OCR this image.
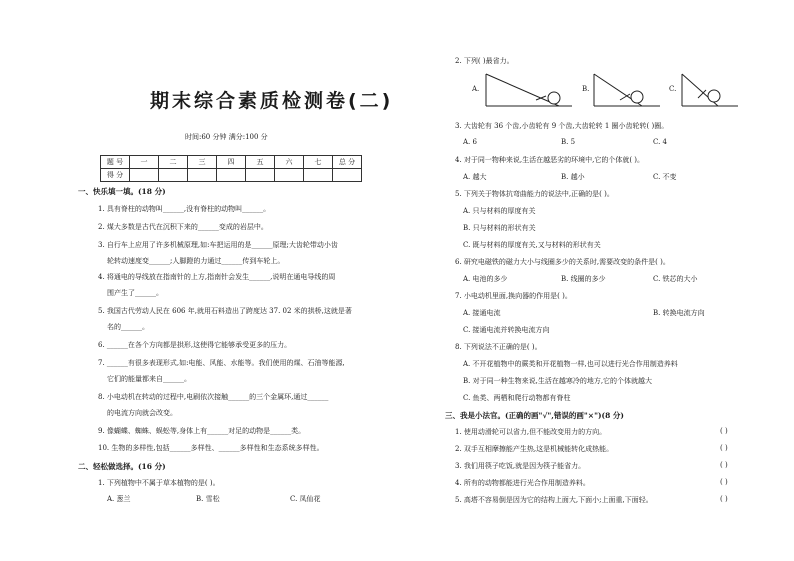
期末综合素质检测卷(二)
时间:60 分钟 满分:100 分
题 号	一	二	三	四	五	六	七	总 分
得 分								
一、快乐填一填。(18 分)
1. 具有脊柱的动物叫______,没有脊柱的动物叫______。
2. 煤大多数是古代在沉积下来的______变成的岩层中。
3. 自行车上应用了许多机械原理,如:车把运用的是______原理;大齿轮带动小齿
轮转动速度变______;人脚蹬的力通过______传到车轮上。
4. 将通电的导线放在指南针的上方,指南针会发生______,说明在通电导线的周
围产生了______。
5. 我国古代劳动人民在 606 年,就用石料造出了跨度达 37. 02 米的拱桥,这就是著
名的______。
6. ______在各个方向都是拱形,这使得它能够承受更多的压力。
7. ______有很多表现形式,如:电能、风能、水能等。我们使用的煤、石油等能源,
它们的能量都来自______。
8. 小电动机在转动的过程中,电刷依次接触______的三个金属环,通过______
的电流方向就会改变。
9. 像蝴蝶、蜘蛛、蜈蚣等,身体上有______对足的动物是______类。
10. 生物的多样性,包括______多样性、______多样性和生态系统多样性。
二、轻松做选择。(16 分)
1. 下列植物中不属于草本植物的是( )。
A. 葱兰	B. 雪松	C. 凤仙花
2. 下列( )最省力。
A.	B.	C.
3. 大齿轮有 36 个齿,小齿轮有 9 个齿,大齿轮转 1 圈小齿轮转( )圈。
A. 6	B. 5	C. 4
4. 对于同一物种来说,生活在越恶劣的环境中,它的个体就( )。
A. 越大	B. 越小	C. 不变
5. 下列关于物体抗弯曲能力的说法中,正确的是( )。
A. 只与材料的厚度有关
B. 只与材料的形状有关
C. 既与材料的厚度有关,又与材料的形状有关
6. 研究电磁铁的磁力大小与线圈多少的关系时,需要改变的条件是( )。
A. 电池的多少	B. 线圈的多少	C. 铁芯的大小
7. 小电动机里面,换向器的作用是( )。
A. 接通电流	B. 转换电流方向
C. 接通电流并转换电流方向
8. 下列说法不正确的是( )。
A. 不开花植物中的蕨类和开花植物一样,也可以进行光合作用制造养料
B. 对于同一种生物来说,生活在越寒冷的地方,它的个体就越大
C. 鱼类、两栖和爬行动物都有脊柱
三、我是小法官。(正确的画"√",错误的画"×")(8 分)
1. 使用动滑轮可以省力,但不能改变用力的方向。	( )
2. 双手互相摩擦能产生热,这是机械能转化成热能。	( )
3. 我们用筷子吃饭,就是因为筷子能省力。	( )
4. 所有的动物都能进行光合作用制造养料。	( )
5. 高塔不容易倒是因为它的结构上面大,下面小;上面重,下面轻。	( )
